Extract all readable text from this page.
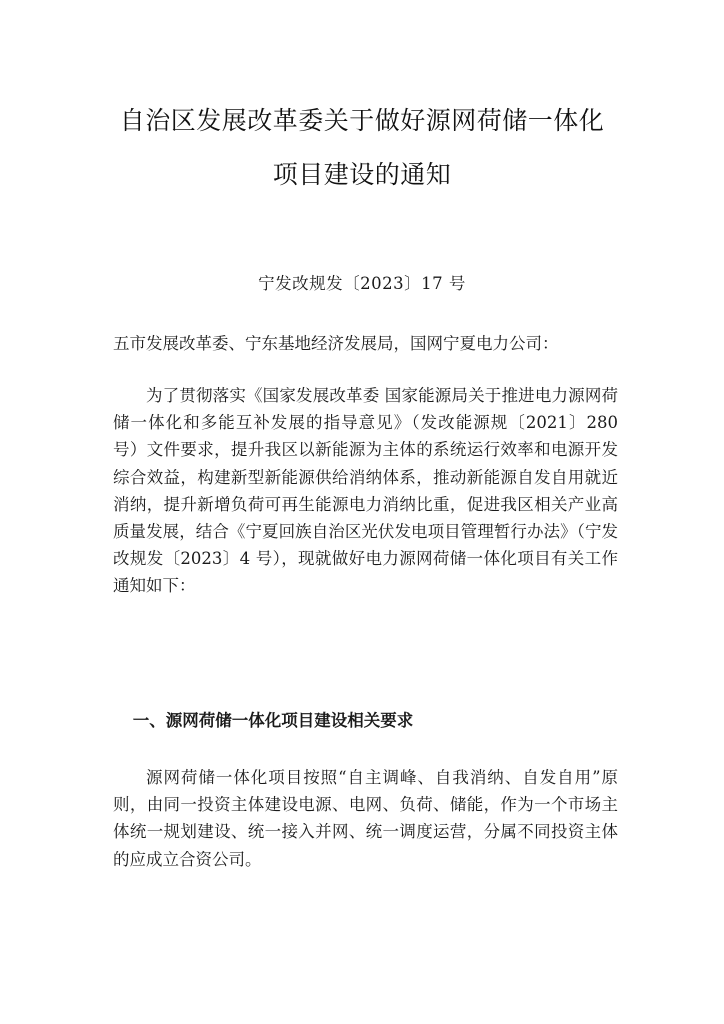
自治区发展改革委关于做好源网荷储一体化
项目建设的通知
宁发改规发〔2023〕17 号

五市发展改革委、宁东基地经济发展局，国网宁夏电力公司：

为了贯彻落实《国家发展改革委 国家能源局关于推进电力源网荷储一体化和多能互补发展的指导意见》（发改能源规〔2021〕280 号）文件要求，提升我区以新能源为主体的系统运行效率和电源开发综合效益，构建新型新能源供给消纳体系，推动新能源自发自用就近消纳，提升新增负荷可再生能源电力消纳比重，促进我区相关产业高质量发展，结合《宁夏回族自治区光伏发电项目管理暂行办法》（宁发改规发〔2023〕4 号），现就做好电力源网荷储一体化项目有关工作通知如下：

一、源网荷储一体化项目建设相关要求

源网荷储一体化项目按照“自主调峰、自我消纳、自发自用”原则，由同一投资主体建设电源、电网、负荷、储能，作为一个市场主体统一规划建设、统一接入并网、统一调度运营，分属不同投资主体的应成立合资公司。
